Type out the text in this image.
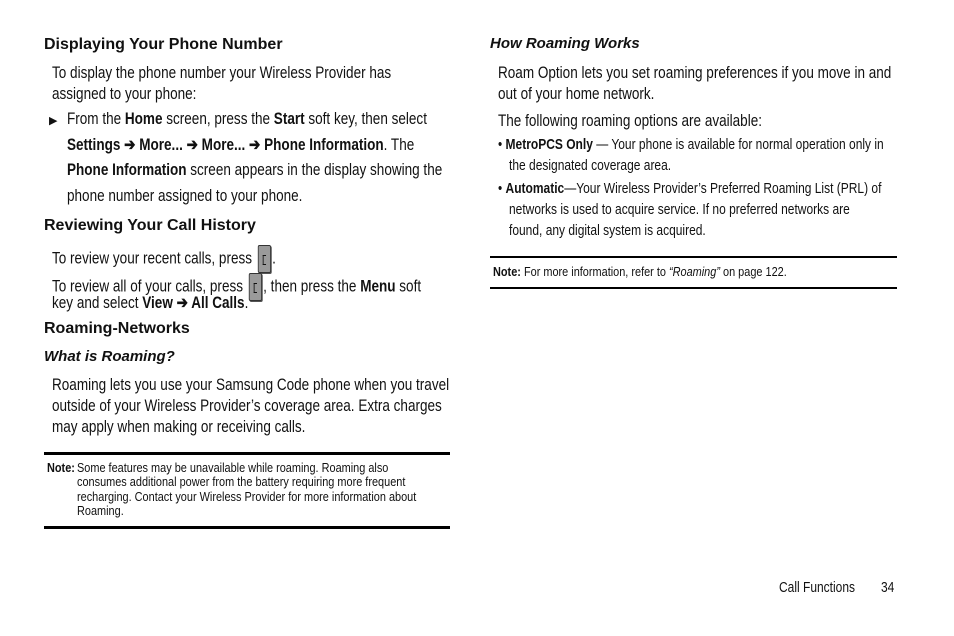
Displaying Your Phone Number
To display the phone number your Wireless Provider has
assigned to your phone:
▶ From the Home screen, press the Start soft key, then select
Settings ➔ More... ➔ More... ➔ Phone Information. The
Phone Information screen appears in the display showing the
phone number assigned to your phone.
Reviewing Your Call History
To review your recent calls, press .
To review all of your calls, press , then press the Menu soft
key and select View ➔ All Calls.
Roaming-Networks
What is Roaming?
Roaming lets you use your Samsung Code phone when you travel
outside of your Wireless Provider’s coverage area. Extra charges
may apply when making or receiving calls.
Note: Some features may be unavailable while roaming. Roaming also
consumes additional power from the battery requiring more frequent
recharging. Contact your Wireless Provider for more information about
Roaming.
How Roaming Works
Roam Option lets you set roaming preferences if you move in and
out of your home network.
The following roaming options are available:
• MetroPCS Only — Your phone is available for normal operation only in
the designated coverage area.
• Automatic—Your Wireless Provider’s Preferred Roaming List (PRL) of
networks is used to acquire service. If no preferred networks are
found, any digital system is acquired.
Note: For more information, refer to “Roaming” on page 122.
Call Functions 34
